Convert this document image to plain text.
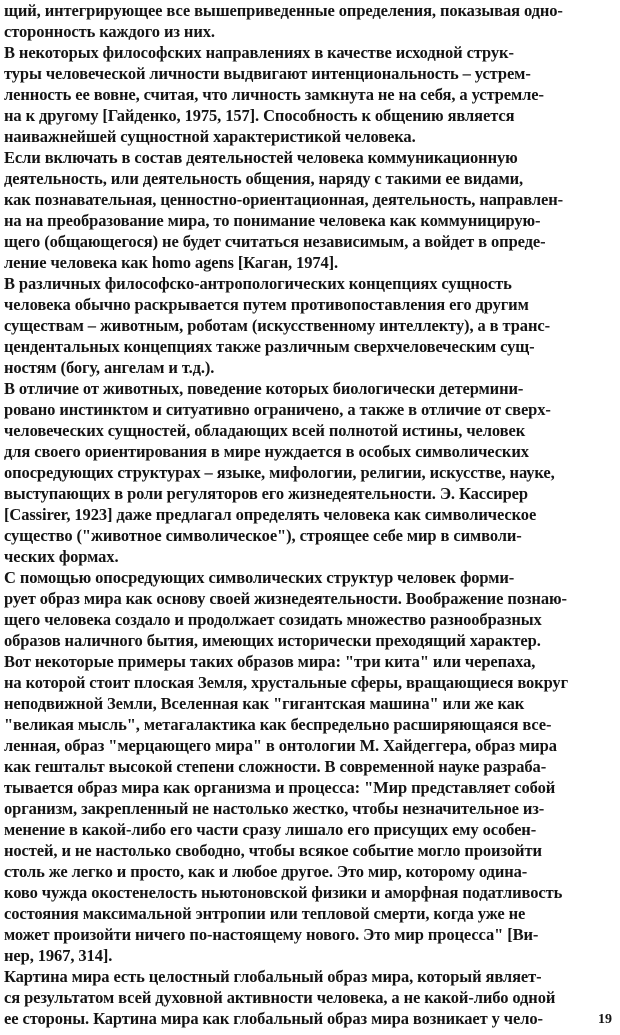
щий, интегрирующее все вышеприведенные определения, показывая одно-
сторонность каждого из них.
В некоторых философских направлениях в качестве исходной струк-
туры человеческой личности выдвигают интенциональность – устрем-
ленность ее вовне, считая, что личность замкнута не на себя, а устремле-
на к другому [Гайденко, 1975, 157]. Способность к общению является
наиважнейшей сущностной характеристикой человека.
Если включать в состав деятельностей человека коммуникационную
деятельность, или деятельность общения, наряду с такими ее видами,
как познавательная, ценностно-ориентационная, деятельность, направлен-
на на преобразование мира, то понимание человека как коммуницирую-
щего (общающегося) не будет считаться независимым, а войдет в опреде-
ление человека как homo agens [Каган, 1974].
В различных философско-антропологических концепциях сущность
человека обычно раскрывается путем противопоставления его другим
существам – животным, роботам (искусственному интеллекту), а в транс-
цендентальных концепциях также различным сверхчеловеческим сущ-
ностям (богу, ангелам и т.д.).
В отличие от животных, поведение которых биологически детермини-
ровано инстинктом и ситуативно ограничено, а также в отличие от сверх-
человеческих сущностей, обладающих всей полнотой истины, человек
для своего ориентирования в мире нуждается в особых символических
опосредующих структурах – языке, мифологии, религии, искусстве, науке,
выступающих в роли регуляторов его жизнедеятельности. Э. Кассирер
[Cassirer, 1923] даже предлагал определять человека как символическое
существо ("животное символическое"), строящее себе мир в символи-
ческих формах.
С помощью опосредующих символических структур человек форми-
рует образ мира как основу своей жизнедеятельности. Воображение познаю-
щего человека создало и продолжает созидать множество разнообразных
образов наличного бытия, имеющих исторически преходящий характер.
Вот некоторые примеры таких образов мира: "три кита" или черепаха,
на которой стоит плоская Земля, хрустальные сферы, вращающиеся вокруг
неподвижной Земли, Вселенная как "гигантская машина" или же как
"великая мысль", метагалактика как беспредельно расширяющаяся все-
ленная, образ "мерцающего мира" в онтологии М. Хайдеггера, образ мира
как гештальт высокой степени сложности. В современной науке разраба-
тывается образ мира как организма и процесса: "Мир представляет собой
организм, закрепленный не настолько жестко, чтобы незначительное из-
менение в какой-либо его части сразу лишало его присущих ему особен-
ностей, и не настолько свободно, чтобы всякое событие могло произойти
столь же легко и просто, как и любое другое. Это мир, которому одина-
ково чужда окостенелость ньютоновской физики и аморфная податливость
состояния максимальной энтропии или тепловой смерти, когда уже не
может произойти ничего по-настоящему нового. Это мир процесса" [Ви-
нер, 1967, 314].
Картина мира есть целостный глобальный образ мира, который являет-
ся результатом всей духовной активности человека, а не какой-либо одной
ее стороны. Картина мира как глобальный образ мира возникает у чело-	19
